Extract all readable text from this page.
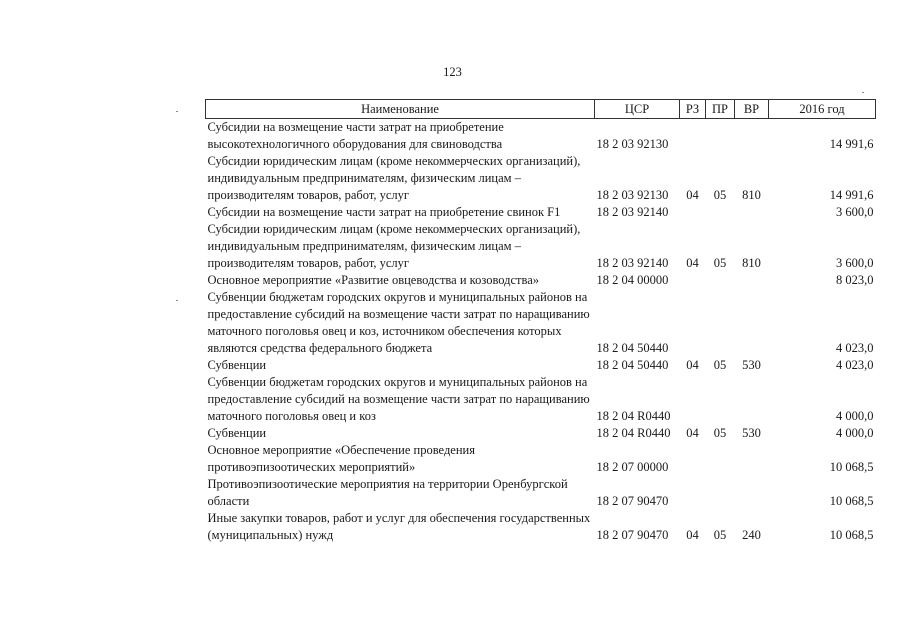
123
Наименование	ЦСР	РЗ	ПР	ВР	2016 год
Субсидии на возмещение части затрат на приобретение высокотехнологичного оборудования для свиноводства	18 2 03 92130				14 991,6
Субсидии юридическим лицам (кроме некоммерческих организаций), индивидуальным предпринимателям, физическим лицам – производителям товаров, работ, услуг	18 2 03 92130	04	05	810	14 991,6
Субсидии на возмещение части затрат на приобретение свинок F1	18 2 03 92140				3 600,0
Субсидии юридическим лицам (кроме некоммерческих организаций), индивидуальным предпринимателям, физическим лицам – производителям товаров, работ, услуг	18 2 03 92140	04	05	810	3 600,0
Основное мероприятие «Развитие овцеводства и козоводства»	18 2 04 00000				8 023,0
Субвенции бюджетам городских округов и муниципальных районов на предоставление субсидий на возмещение части затрат по наращиванию маточного поголовья овец и коз, источником обеспечения которых являются средства федерального бюджета	18 2 04 50440				4 023,0
Субвенции	18 2 04 50440	04	05	530	4 023,0
Субвенции бюджетам городских округов и муниципальных районов на предоставление субсидий на возмещение части затрат по наращиванию маточного поголовья овец и коз	18 2 04 R0440				4 000,0
Субвенции	18 2 04 R0440	04	05	530	4 000,0
Основное мероприятие «Обеспечение проведения противоэпизоотических мероприятий»	18 2 07 00000				10 068,5
Противоэпизоотические мероприятия на территории Оренбургской области	18 2 07 90470				10 068,5
Иные закупки товаров, работ и услуг для обеспечения государственных (муниципальных) нужд	18 2 07 90470	04	05	240	10 068,5
